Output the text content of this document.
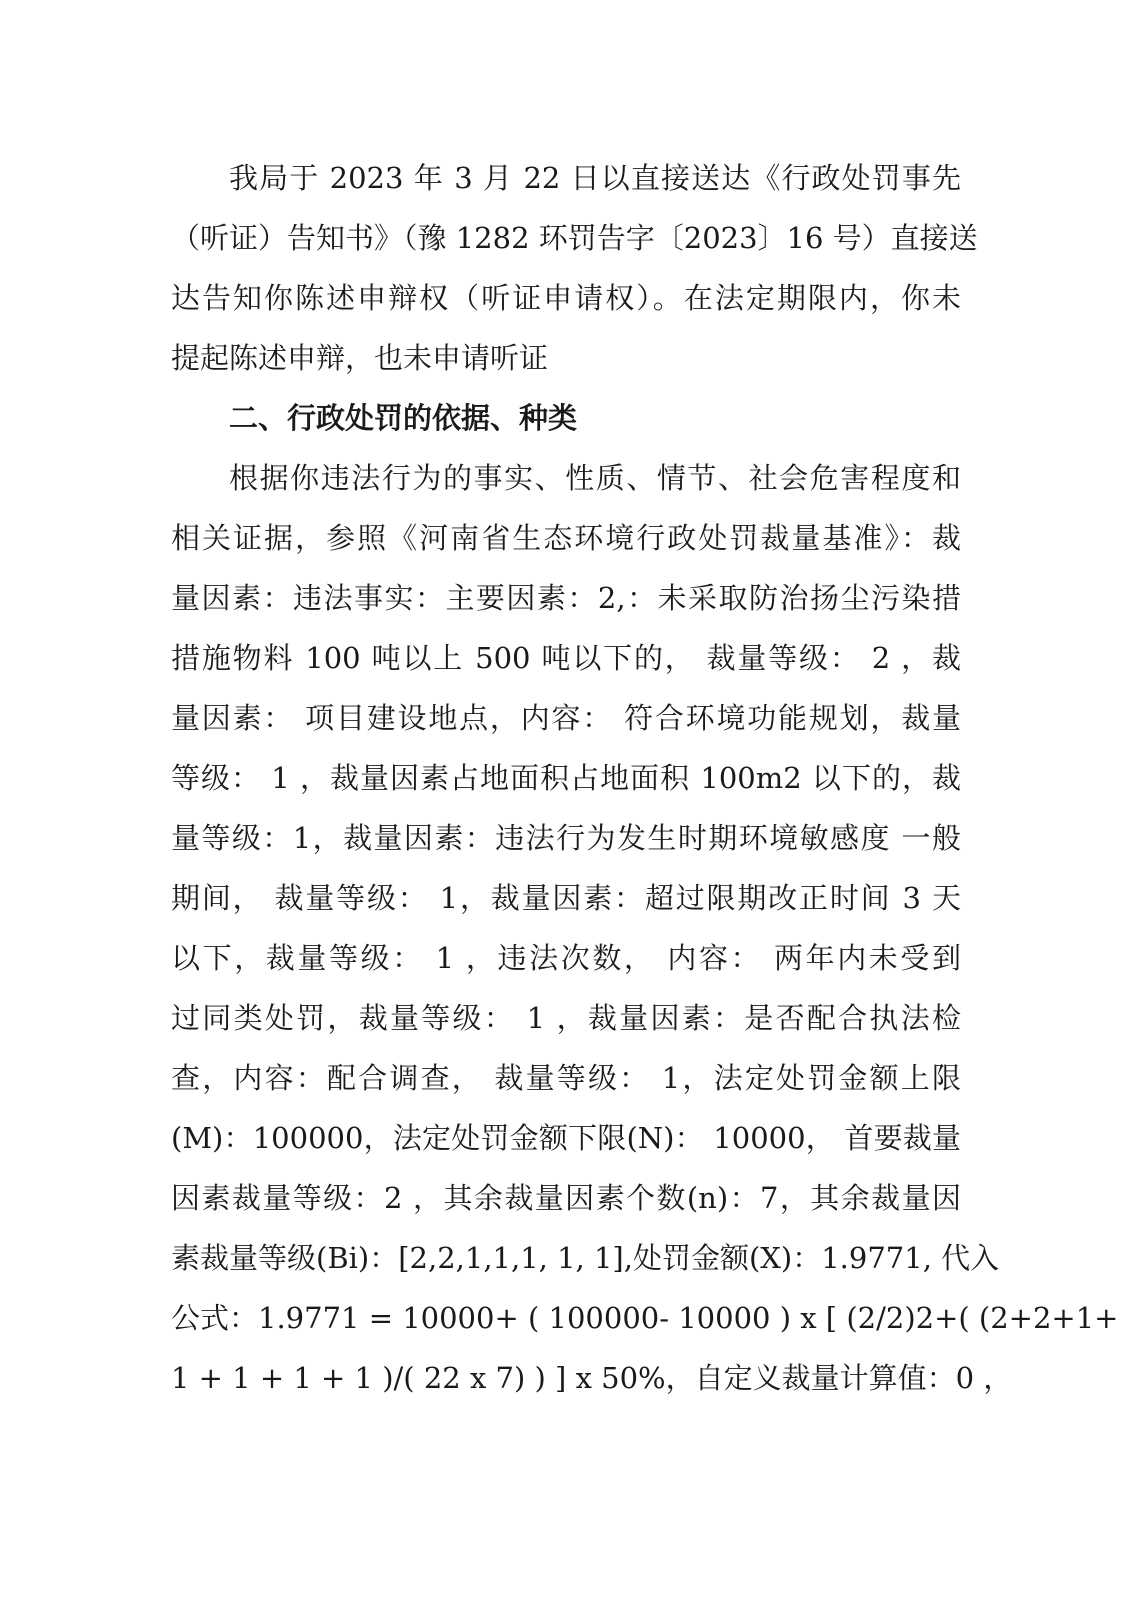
我局于 2023 年 3 月 22 日以直接送达《行政处罚事先
（听证）告知书》（豫 1282 环罚告字〔2023〕16 号）直接送
达告知你陈述申辩权（听证申请权）。在法定期限内，你未
提起陈述申辩，也未申请听证
二、行政处罚的依据、种类
根据你违法行为的事实、性质、情节、社会危害程度和
相关证据，参照《河南省生态环境行政处罚裁量基准》：裁
量因素：违法事实：主要因素：2,：未采取防治扬尘污染措
措施物料 100 吨以上 500 吨以下的， 裁量等级： 2 ，裁
量因素： 项目建设地点，内容： 符合环境功能规划，裁量
等级： 1 ，裁量因素占地面积占地面积 100m2 以下的，裁
量等级：1，裁量因素：违法行为发生时期环境敏感度 一般
期间， 裁量等级： 1，裁量因素：超过限期改正时间 3 天
以下，裁量等级： 1 ，违法次数， 内容： 两年内未受到
过同类处罚，裁量等级： 1 ，裁量因素：是否配合执法检
查，内容：配合调查， 裁量等级： 1，法定处罚金额上限
(M)：100000，法定处罚金额下限(N)： 10000， 首要裁量
因素裁量等级：2 ，其余裁量因素个数(n)：7，其余裁量因
素裁量等级(Bi)：[2,2,1,1,1, 1, 1],处罚金额(X)：1.9771, 代入
公式：1.9771 = 10000+ ( 100000- 10000 ) x [ (2/2)2+( (2+2+1+
1 + 1 + 1 + 1 )/( 22 x 7) ) ] x 50%，自定义裁量计算值：0 ，
